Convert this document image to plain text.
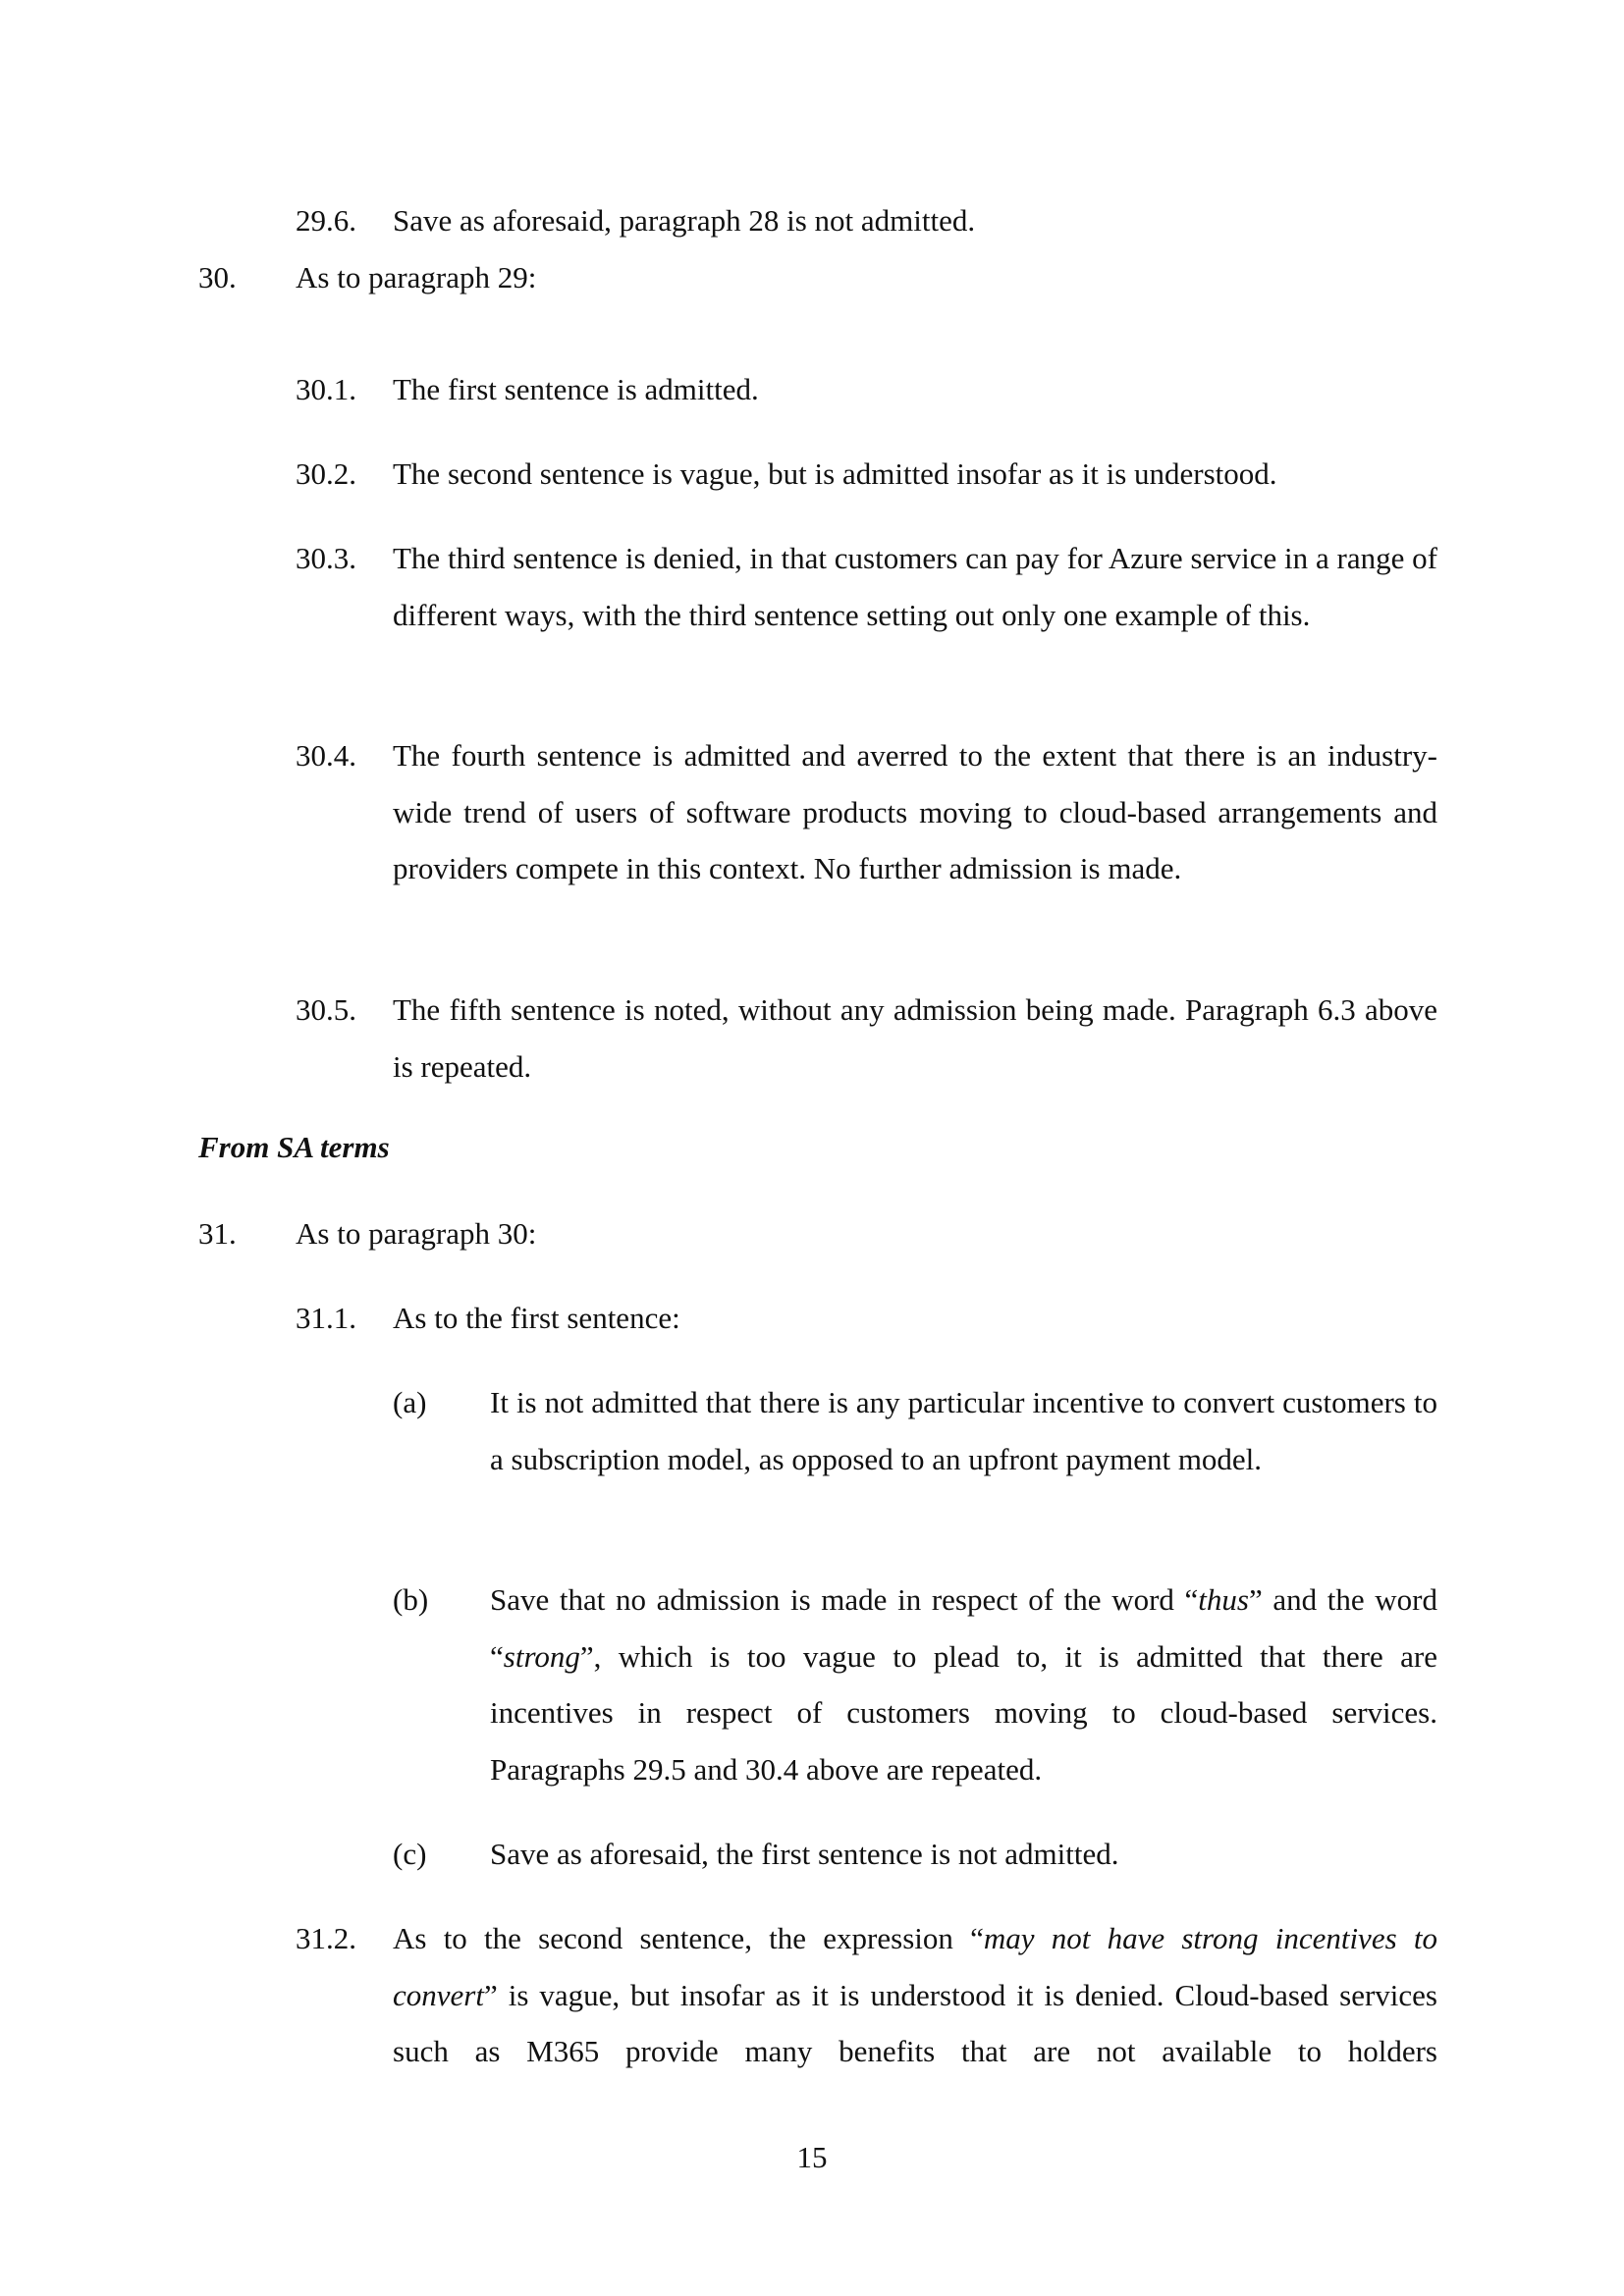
29.6. Save as aforesaid, paragraph 28 is not admitted.
30. As to paragraph 29:
30.1. The first sentence is admitted.
30.2. The second sentence is vague, but is admitted insofar as it is understood.
30.3. The third sentence is denied, in that customers can pay for Azure service in a range of different ways, with the third sentence setting out only one example of this.
30.4. The fourth sentence is admitted and averred to the extent that there is an industry-wide trend of users of software products moving to cloud-based arrangements and providers compete in this context. No further admission is made.
30.5. The fifth sentence is noted, without any admission being made. Paragraph 6.3 above is repeated.
From SA terms
31. As to paragraph 30:
31.1. As to the first sentence:
(a) It is not admitted that there is any particular incentive to convert customers to a subscription model, as opposed to an upfront payment model.
(b) Save that no admission is made in respect of the word “thus” and the word “strong”, which is too vague to plead to, it is admitted that there are incentives in respect of customers moving to cloud-based services. Paragraphs 29.5 and 30.4 above are repeated.
(c) Save as aforesaid, the first sentence is not admitted.
31.2. As to the second sentence, the expression “may not have strong incentives to convert” is vague, but insofar as it is understood it is denied. Cloud-based services such as M365 provide many benefits that are not available to holders
15
